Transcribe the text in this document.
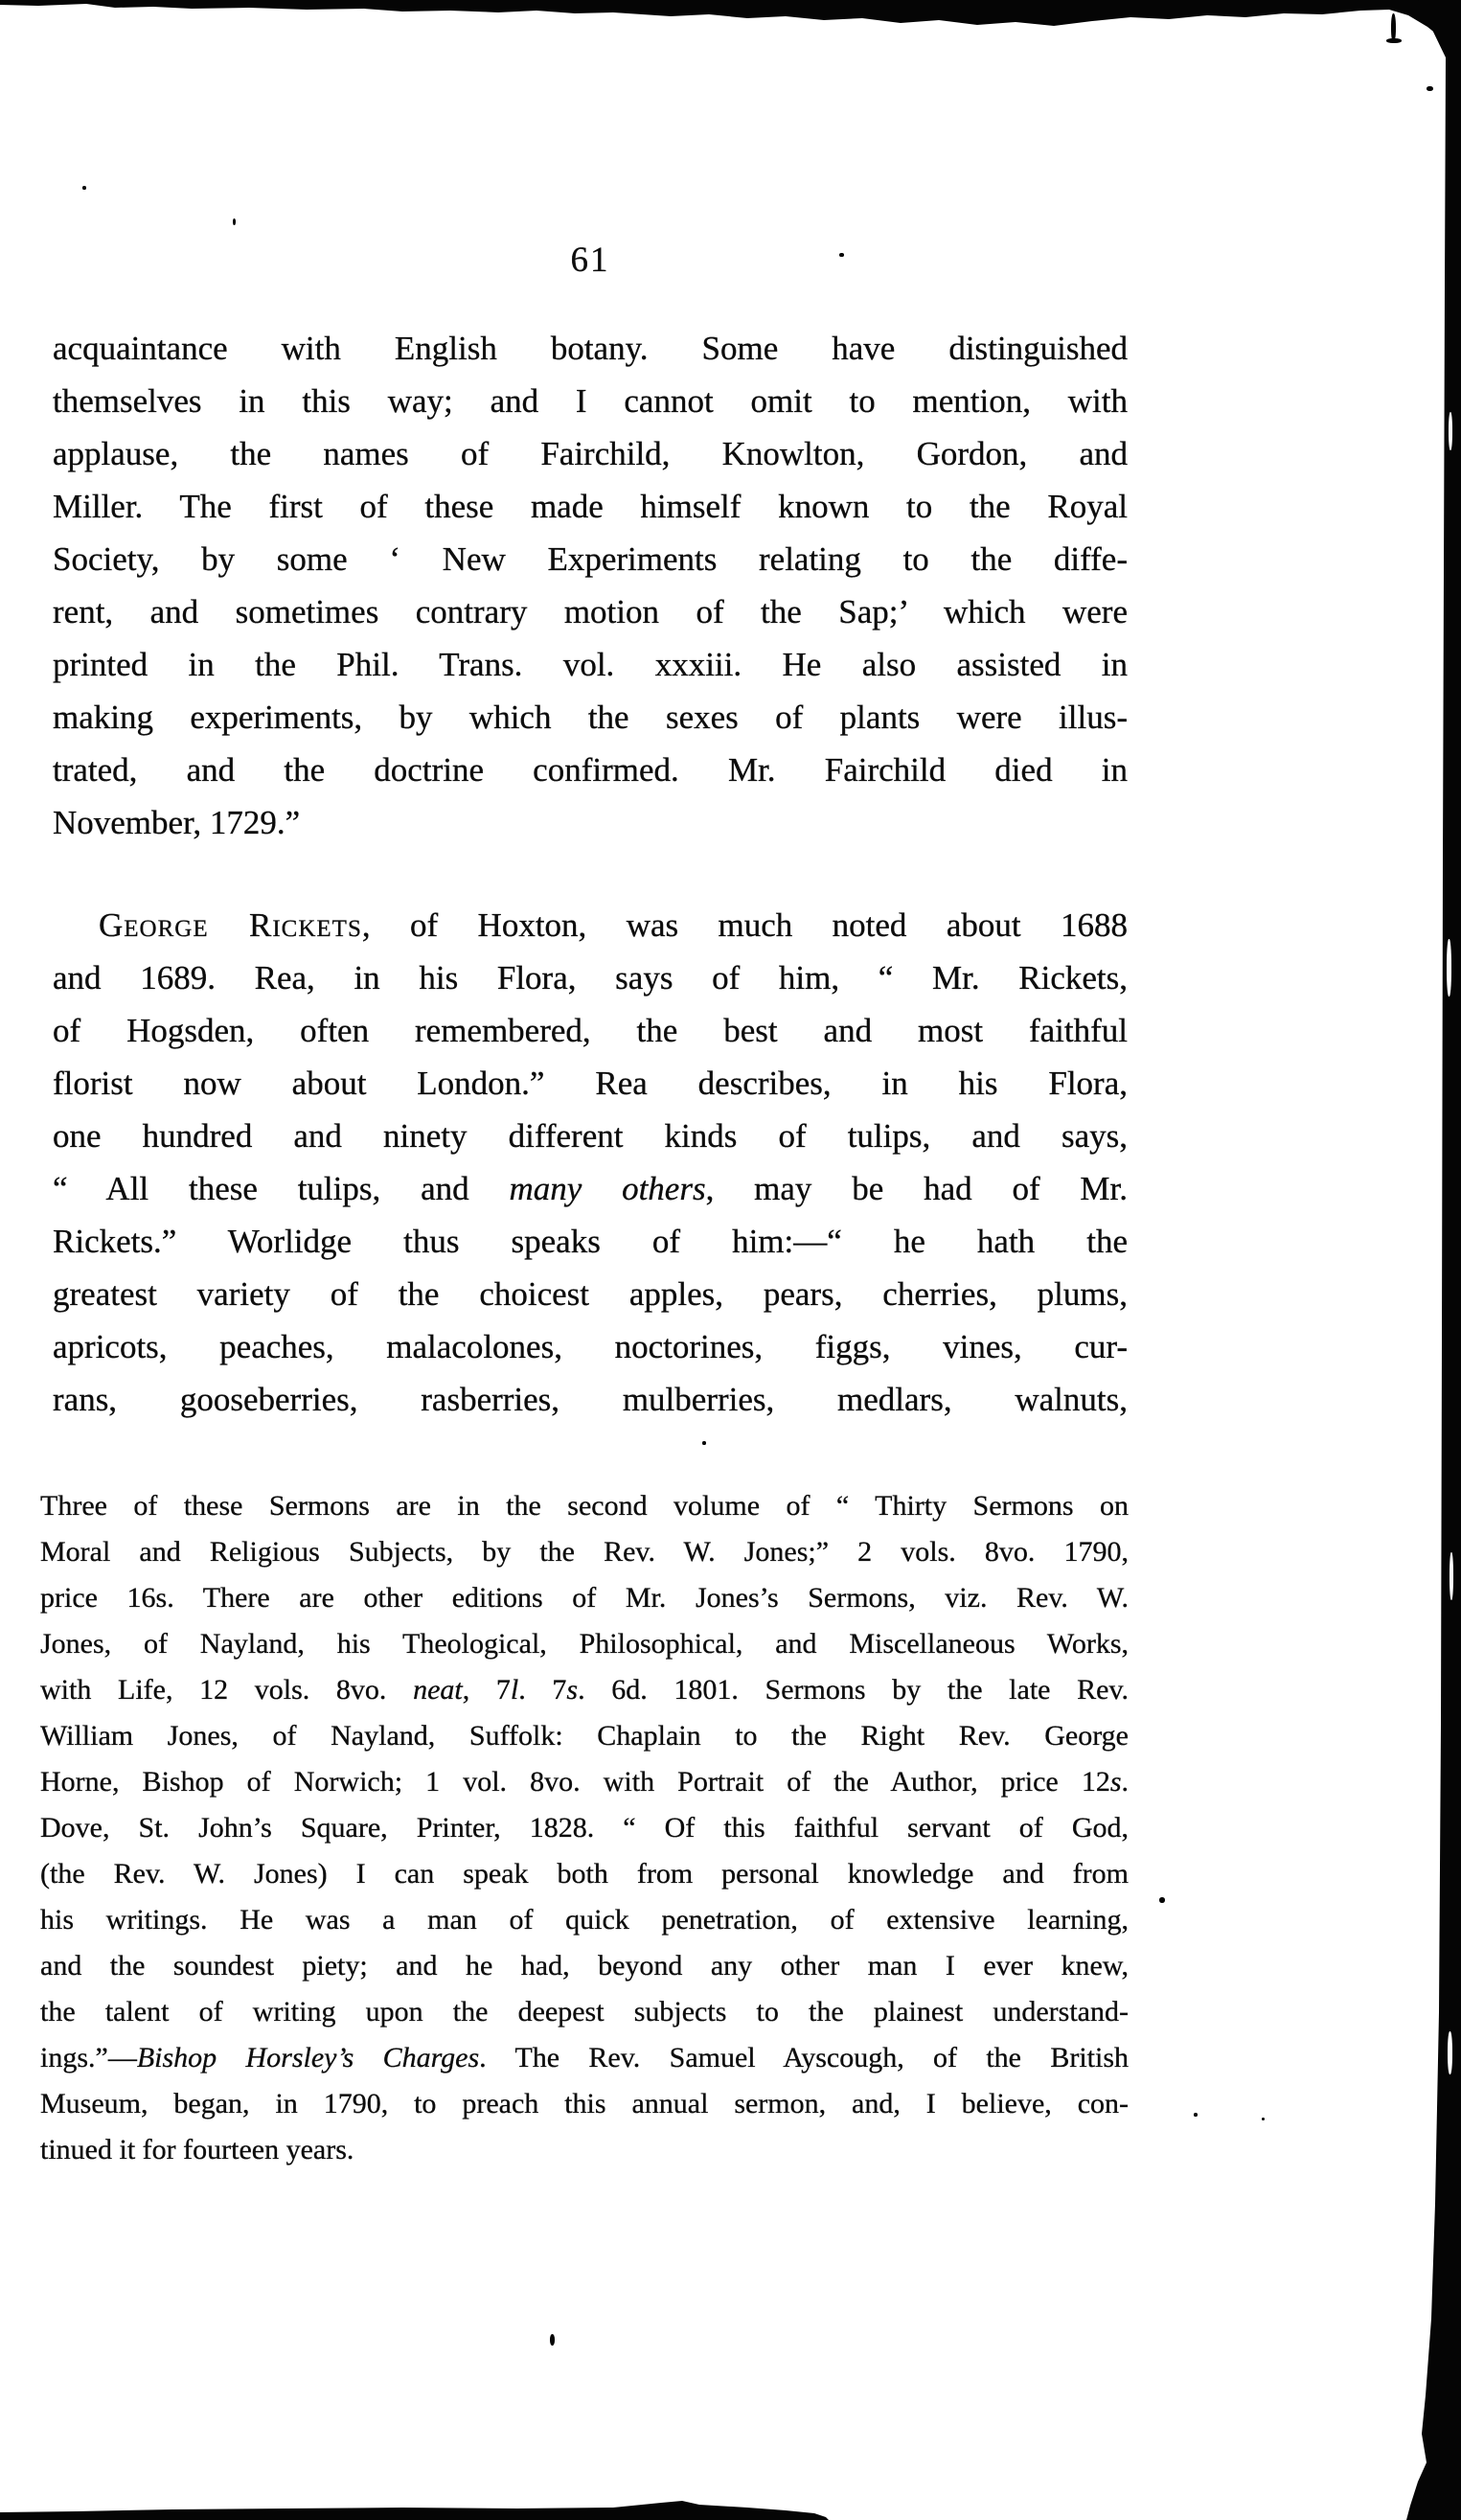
61
acquaintance with English botany. Some have distinguished
themselves in this way; and I cannot omit to mention, with
applause, the names of Fairchild, Knowlton, Gordon, and
Miller. The first of these made himself known to the Royal
Society, by some ‘ New Experiments relating to the diffe-
rent, and sometimes contrary motion of the Sap;’ which were
printed in the Phil. Trans. vol. xxxiii. He also assisted in
making experiments, by which the sexes of plants were illus-
trated, and the doctrine confirmed. Mr. Fairchild died in
November, 1729.”
George Rickets, of Hoxton, was much noted about 1688
and 1689. Rea, in his Flora, says of him, “ Mr. Rickets,
of Hogsden, often remembered, the best and most faithful
florist now about London.” Rea describes, in his Flora,
one hundred and ninety different kinds of tulips, and says,
“ All these tulips, and many others, may be had of Mr.
Rickets.” Worlidge thus speaks of him:—“ he hath the
greatest variety of the choicest apples, pears, cherries, plums,
apricots, peaches, malacolones, noctorines, figgs, vines, cur-
rans, gooseberries, rasberries, mulberries, medlars, walnuts,
Three of these Sermons are in the second volume of “ Thirty Sermons on
Moral and Religious Subjects, by the Rev. W. Jones;” 2 vols. 8vo. 1790,
price 16s. There are other editions of Mr. Jones’s Sermons, viz. Rev. W.
Jones, of Nayland, his Theological, Philosophical, and Miscellaneous Works,
with Life, 12 vols. 8vo. neat, 7l. 7s. 6d. 1801. Sermons by the late Rev.
William Jones, of Nayland, Suffolk: Chaplain to the Right Rev. George
Horne, Bishop of Norwich; 1 vol. 8vo. with Portrait of the Author, price 12s.
Dove, St. John’s Square, Printer, 1828. “ Of this faithful servant of God,
(the Rev. W. Jones) I can speak both from personal knowledge and from
his writings. He was a man of quick penetration, of extensive learning,
and the soundest piety; and he had, beyond any other man I ever knew,
the talent of writing upon the deepest subjects to the plainest understand-
ings.”—Bishop Horsley’s Charges. The Rev. Samuel Ayscough, of the British
Museum, began, in 1790, to preach this annual sermon, and, I believe, con-
tinued it for fourteen years.
